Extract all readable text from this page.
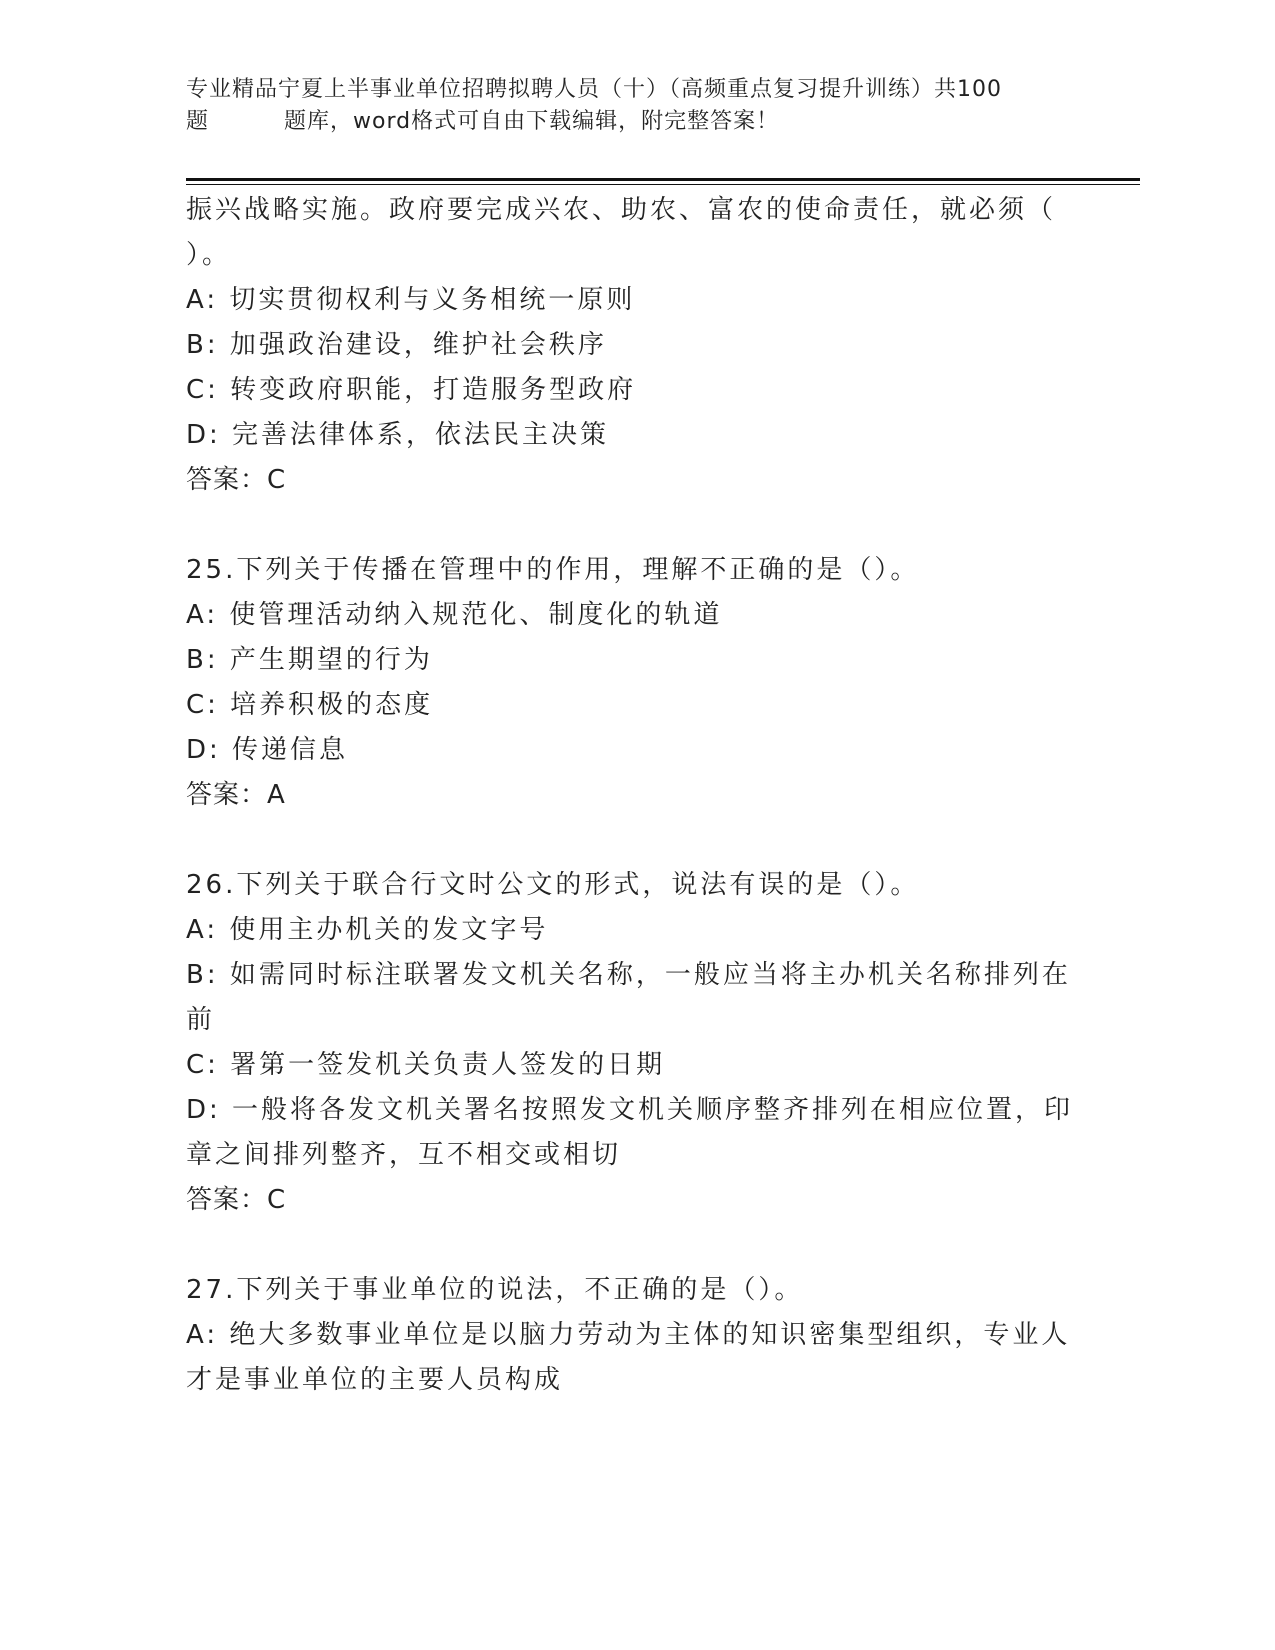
专业精品宁夏上半事业单位招聘拟聘人员（十）（高频重点复习提升训练）共100
题	题库，word格式可自由下载编辑，附完整答案！
振兴战略实施。政府要完成兴农、助农、富农的使命责任，就必须（
）。
A: 切实贯彻权利与义务相统一原则
B: 加强政治建设，维护社会秩序
C: 转变政府职能，打造服务型政府
D: 完善法律体系，依法民主决策
答案：C
25.下列关于传播在管理中的作用，理解不正确的是（）。
A: 使管理活动纳入规范化、制度化的轨道
B: 产生期望的行为
C: 培养积极的态度
D: 传递信息
答案：A
26.下列关于联合行文时公文的形式，说法有误的是（）。
A: 使用主办机关的发文字号
B: 如需同时标注联署发文机关名称，一般应当将主办机关名称排列在
前
C: 署第一签发机关负责人签发的日期
D: 一般将各发文机关署名按照发文机关顺序整齐排列在相应位置，印
章之间排列整齐，互不相交或相切
答案：C
27.下列关于事业单位的说法，不正确的是（）。
A: 绝大多数事业单位是以脑力劳动为主体的知识密集型组织，专业人
才是事业单位的主要人员构成
